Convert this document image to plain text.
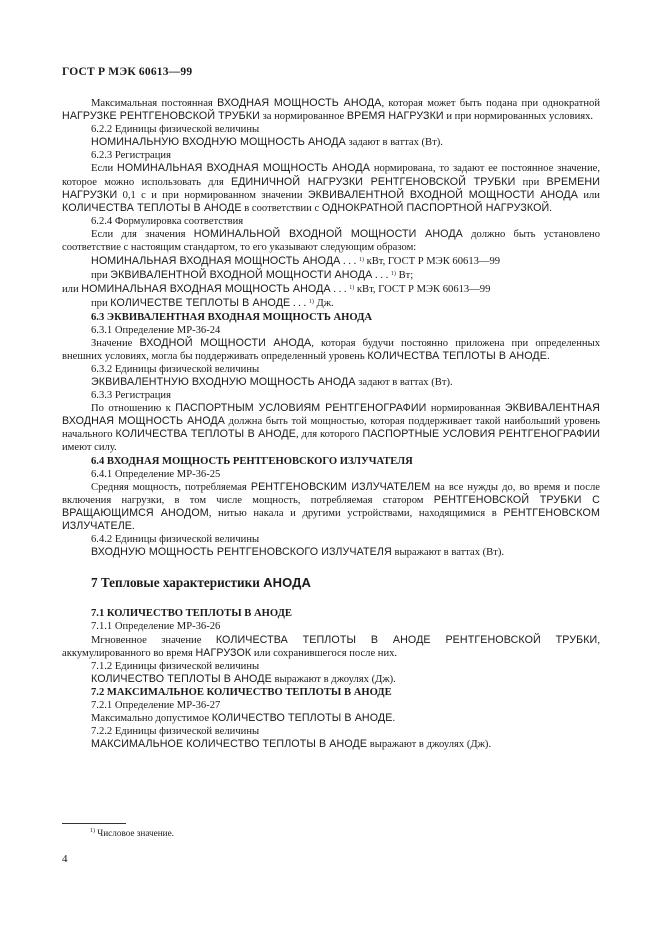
ГОСТ Р МЭК 60613—99

Максимальная постоянная ВХОДНАЯ МОЩНОСТЬ АНОДА, которая может быть подана при однократной НАГРУЗКЕ РЕНТГЕНОВСКОЙ ТРУБКИ за нормированное ВРЕМЯ НАГРУЗКИ и при нормированных условиях.

6.2.2 Единицы физической величины

НОМИНАЛЬНУЮ ВХОДНУЮ МОЩНОСТЬ АНОДА задают в ваттах (Вт).

6.2.3 Регистрация

Если НОМИНАЛЬНАЯ ВХОДНАЯ МОЩНОСТЬ АНОДА нормирована, то задают ее постоянное значение, которое можно использовать для ЕДИНИЧНОЙ НАГРУЗКИ РЕНТГЕНОВСКОЙ ТРУБКИ при ВРЕМЕНИ НАГРУЗКИ 0,1 с и при нормированном значении ЭКВИВАЛЕНТНОЙ ВХОДНОЙ МОЩНОСТИ АНОДА или КОЛИЧЕСТВА ТЕПЛОТЫ В АНОДЕ в соответствии с ОДНОКРАТНОЙ ПАСПОРТНОЙ НАГРУЗКОЙ.

6.2.4 Формулировка соответствия

Если для значения НОМИНАЛЬНОЙ ВХОДНОЙ МОЩНОСТИ АНОДА должно быть установлено соответствие с настоящим стандартом, то его указывают следующим образом:

НОМИНАЛЬНАЯ ВХОДНАЯ МОЩНОСТЬ АНОДА . . . $^{1)}$ кВт, ГОСТ Р МЭК 60613—99

при ЭКВИВАЛЕНТНОЙ ВХОДНОЙ МОЩНОСТИ АНОДА . . . $^{1)}$ Вт;

или НОМИНАЛЬНАЯ ВХОДНАЯ МОЩНОСТЬ АНОДА . . . $^{1)}$ кВт, ГОСТ Р МЭК 60613—99

при КОЛИЧЕСТВЕ ТЕПЛОТЫ В АНОДЕ . . . $^{1)}$ Дж.

6.3 ЭКВИВАЛЕНТНАЯ ВХОДНАЯ МОЩНОСТЬ АНОДА

6.3.1 Определение МР-36-24

Значение ВХОДНОЙ МОЩНОСТИ АНОДА, которая будучи постоянно приложена при определенных внешних условиях, могла бы поддерживать определенный уровень КОЛИЧЕСТВА ТЕПЛОТЫ В АНОДЕ.

6.3.2 Единицы физической величины

ЭКВИВАЛЕНТНУЮ ВХОДНУЮ МОЩНОСТЬ АНОДА задают в ваттах (Вт).

6.3.3 Регистрация

По отношению к ПАСПОРТНЫМ УСЛОВИЯМ РЕНТГЕНОГРАФИИ нормированная ЭКВИВАЛЕНТНАЯ ВХОДНАЯ МОЩНОСТЬ АНОДА должна быть той мощностью, которая поддерживает такой наибольший уровень начального КОЛИЧЕСТВА ТЕПЛОТЫ В АНОДЕ, для которого ПАСПОРТНЫЕ УСЛОВИЯ РЕНТГЕНОГРАФИИ имеют силу.

6.4 ВХОДНАЯ МОЩНОСТЬ РЕНТГЕНОВСКОГО ИЗЛУЧАТЕЛЯ

6.4.1 Определение МР-36-25

Средняя мощность, потребляемая РЕНТГЕНОВСКИМ ИЗЛУЧАТЕЛЕМ на все нужды до, во время и после включения нагрузки, в том числе мощность, потребляемая статором РЕНТГЕНОВСКОЙ ТРУБКИ С ВРАЩАЮЩИМСЯ АНОДОМ, нитью накала и другими устройствами, находящимися в РЕНТГЕНОВСКОМ ИЗЛУЧАТЕЛЕ.

6.4.2 Единицы физической величины

ВХОДНУЮ МОЩНОСТЬ РЕНТГЕНОВСКОГО ИЗЛУЧАТЕЛЯ выражают в ваттах (Вт).

7 Тепловые характеристики АНОДА

7.1 КОЛИЧЕСТВО ТЕПЛОТЫ В АНОДЕ

7.1.1 Определение МР-36-26

Мгновенное значение КОЛИЧЕСТВА ТЕПЛОТЫ В АНОДЕ РЕНТГЕНОВСКОЙ ТРУБКИ, аккумулированного во время НАГРУЗОК или сохранившегося после них.

7.1.2 Единицы физической величины

КОЛИЧЕСТВО ТЕПЛОТЫ В АНОДЕ выражают в джоулях (Дж).

7.2 МАКСИМАЛЬНОЕ КОЛИЧЕСТВО ТЕПЛОТЫ В АНОДЕ

7.2.1 Определение МР-36-27

Максимально допустимое КОЛИЧЕСТВО ТЕПЛОТЫ В АНОДЕ.

7.2.2 Единицы физической величины

МАКСИМАЛЬНОЕ КОЛИЧЕСТВО ТЕПЛОТЫ В АНОДЕ выражают в джоулях (Дж).

$^{1)}$ Числовое значение.
4
